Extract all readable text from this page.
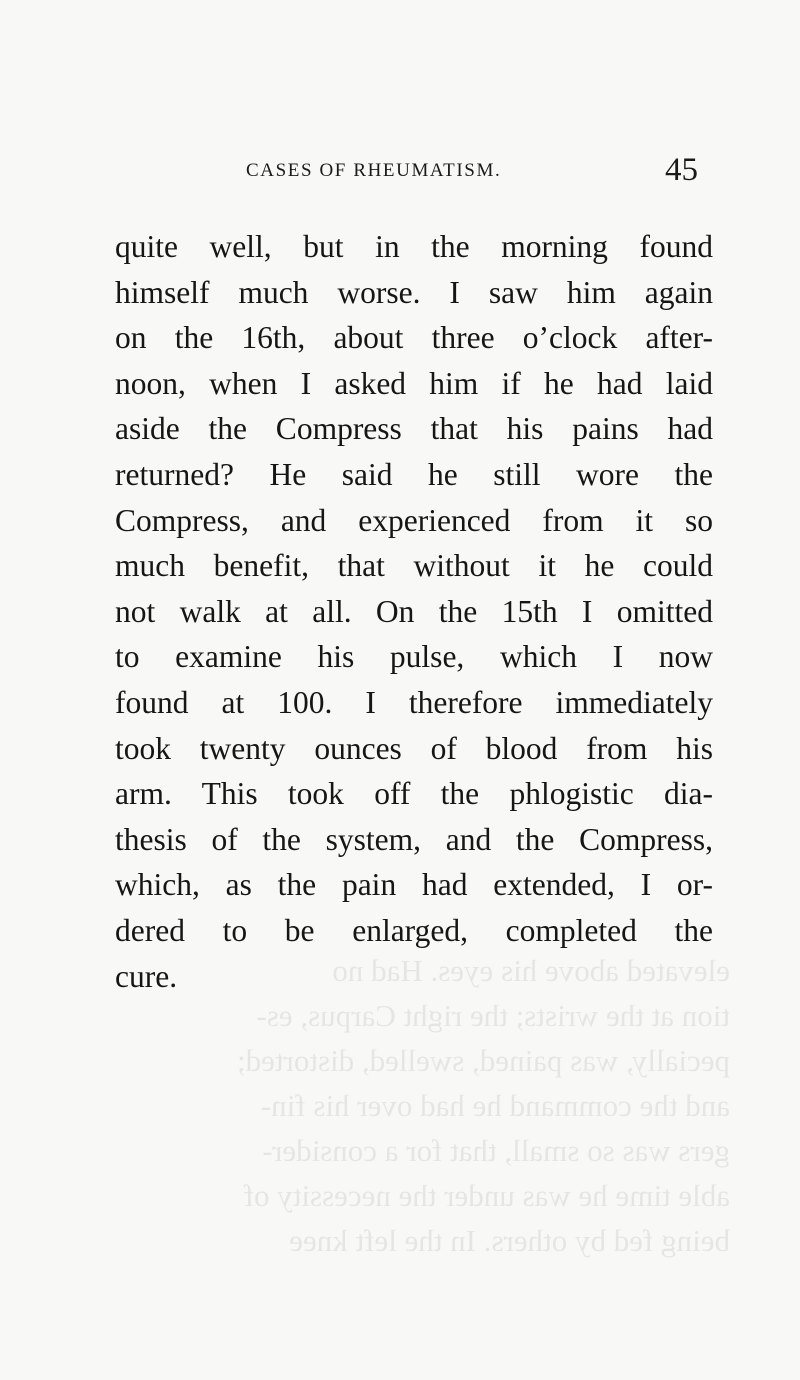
elevated above his eyes. Had no
tion at the wrists; the right Carpus, es-
pecially, was pained, swelled, distorted;
and the command he had over his fin-
gers was so small, that for a consider-
able time he was under the necessity of
being fed by others. In the left knee
CASES OF RHEUMATISM.	45
quite well, but in the morning found
himself much worse. I saw him again
on the 16th, about three o’clock after-
noon, when I asked him if he had laid
aside the Compress that his pains had
returned? He said he still wore the
Compress, and experienced from it so
much benefit, that without it he could
not walk at all. On the 15th I omitted
to examine his pulse, which I now
found at 100. I therefore immediately
took twenty ounces of blood from his
arm. This took off the phlogistic dia-
thesis of the system, and the Compress,
which, as the pain had extended, I or-
dered to be enlarged, completed the
cure.
